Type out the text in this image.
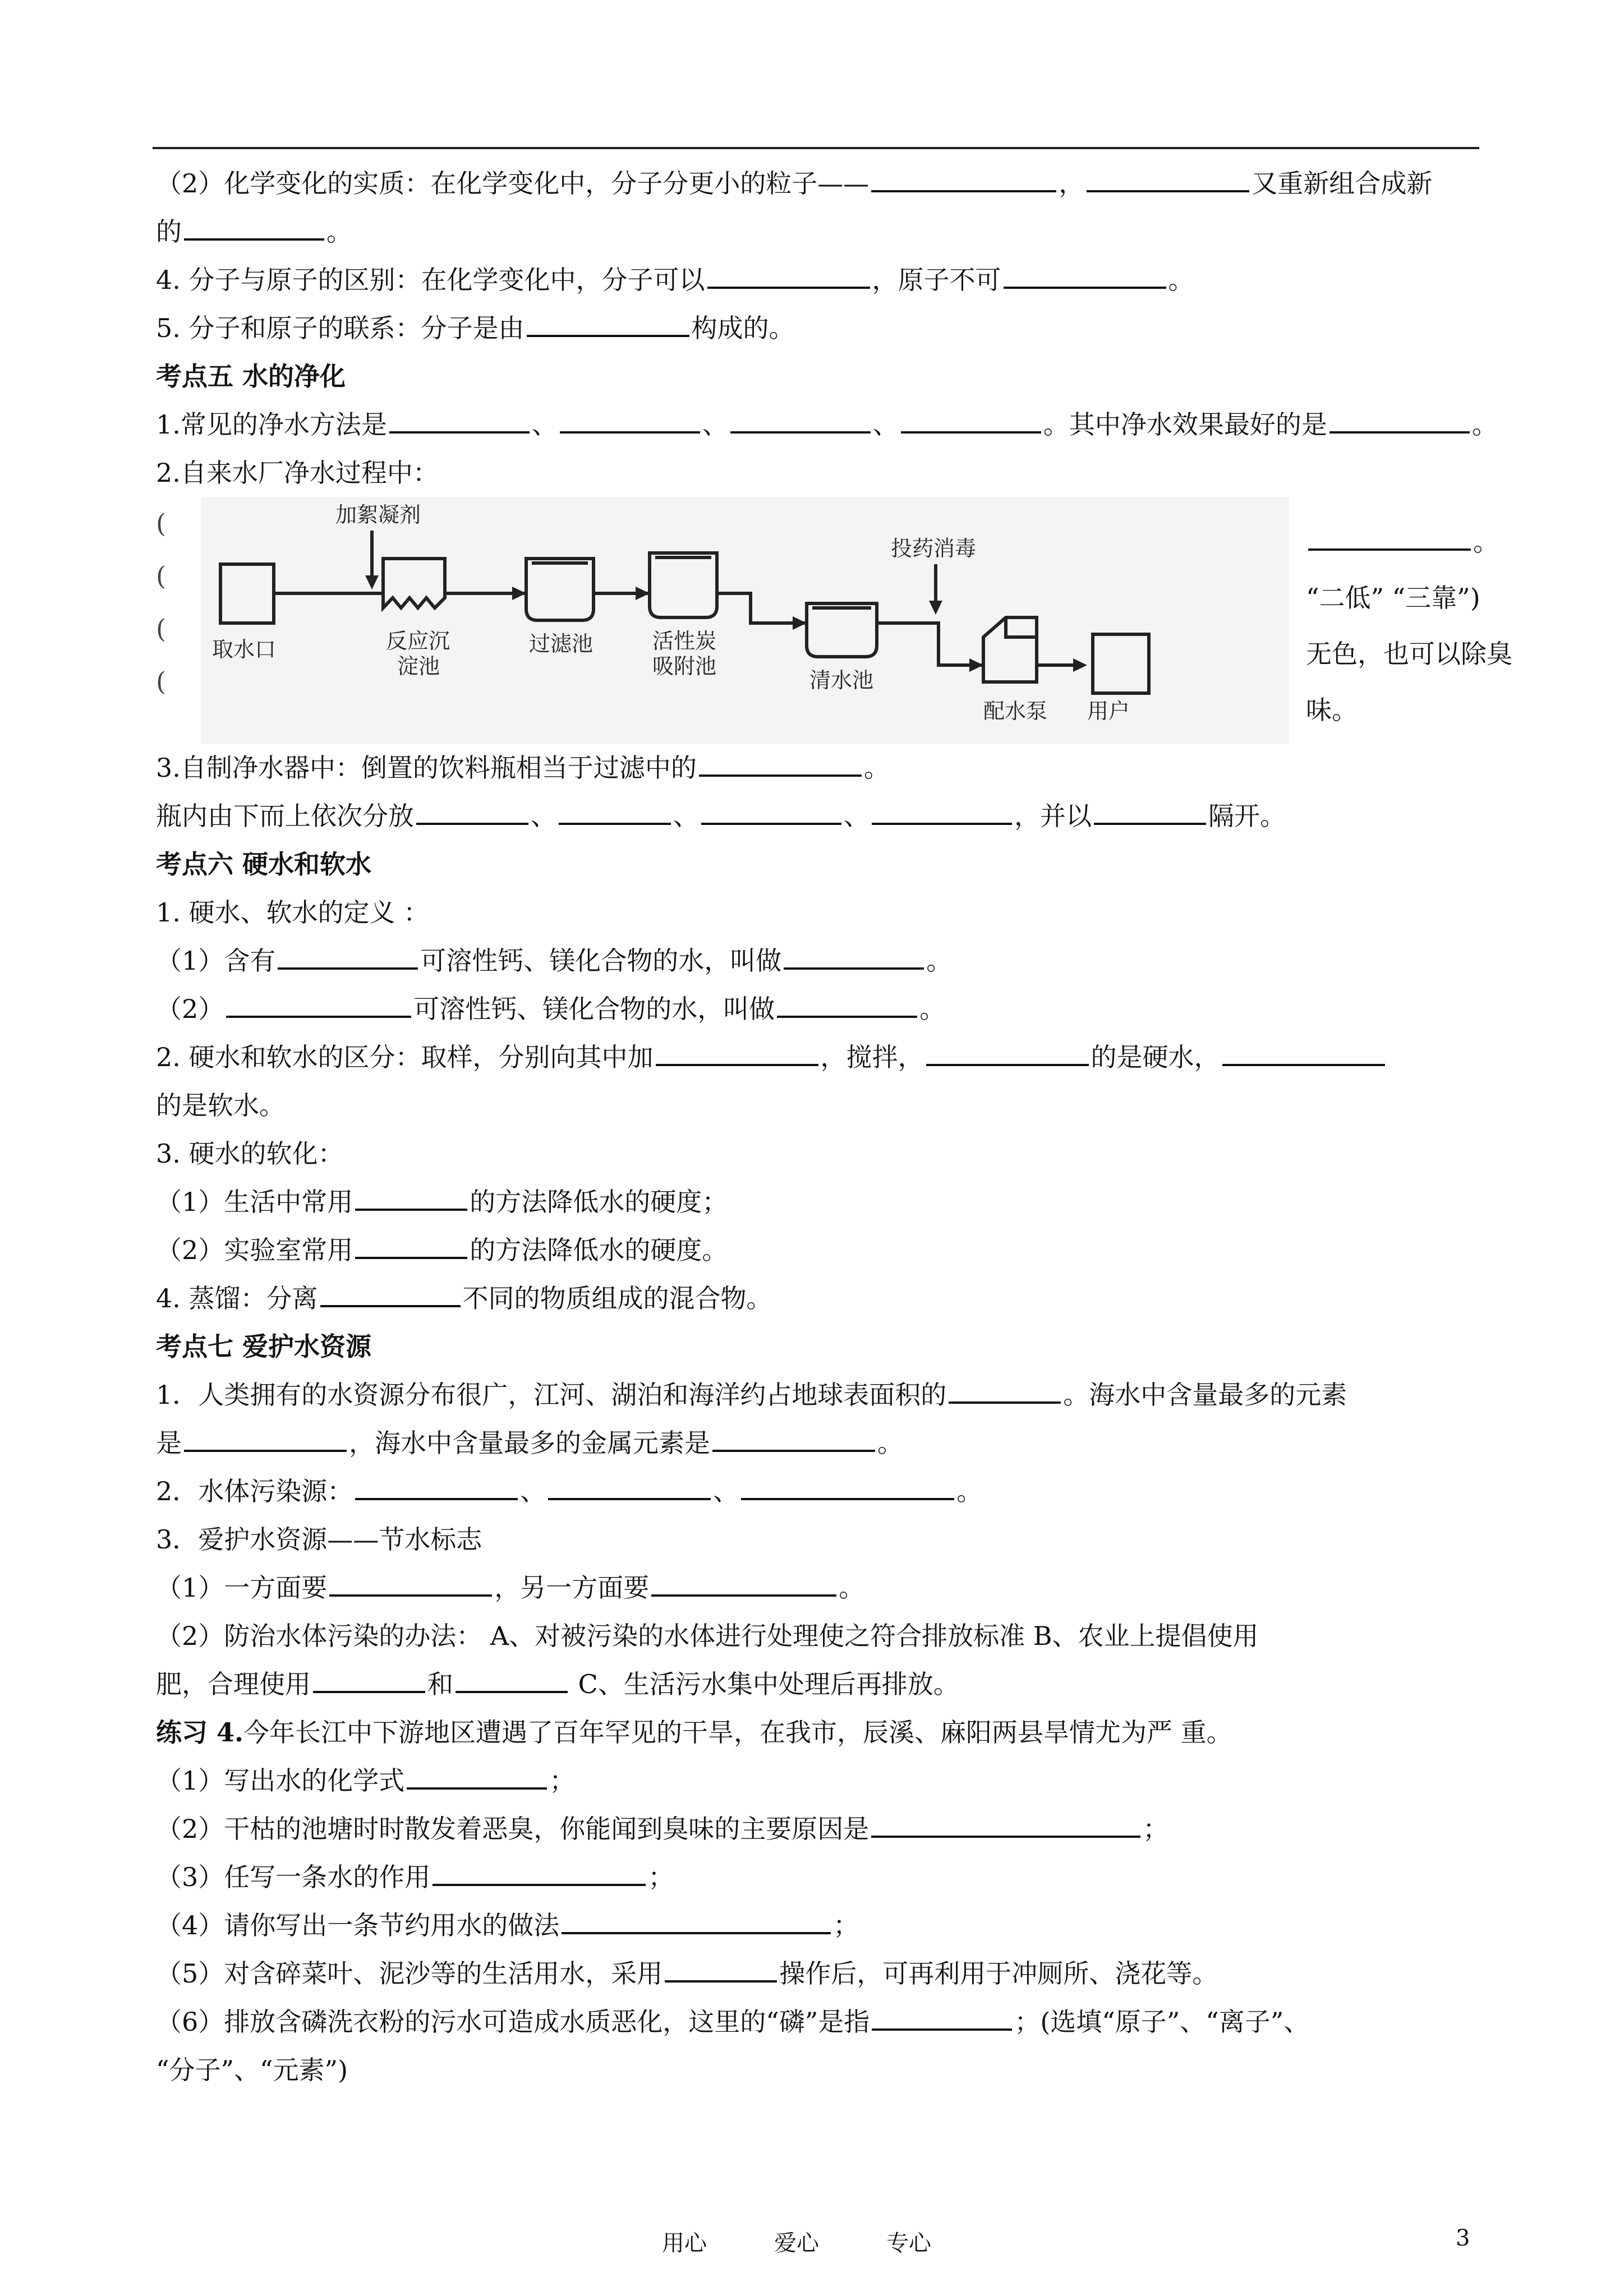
（2）化学变化的实质：在化学变化中，分子分更小的粒子——	，	又重新组合成新
的	。
4. 分子与原子的区别：在化学变化中，分子可以	，原子不可	。
5. 分子和原子的联系：分子是由	构成的。
考点五 水的净化
1.常见的净水方法是	、	、	、	。其中净水效果最好的是	。
2.自来水厂净水过程中：
(
(
(
(
加絮凝剂
投药消毒
取水口	反应沉
淀池
过滤池	活性炭
吸附池
清水池
配水泵 用户
。
“二低” “三靠”)
无色，也可以除臭味。
3.自制净水器中：倒置的饮料瓶相当于过滤中的	。
瓶内由下而上依次分放	、	、	、	，并以	隔开。
考点六 硬水和软水
1. 硬水、软水的定义 ：
（1）含有	可溶性钙、镁化合物的水，叫做	。
（2）	可溶性钙、镁化合物的水，叫做	。
2. 硬水和软水的区分：取样，分别向其中加	，搅拌，	的是硬水，
的是软水。
3. 硬水的软化：
（1）生活中常用	的方法降低水的硬度；
（2）实验室常用	的方法降低水的硬度。
4. 蒸馏：分离	不同的物质组成的混合物。
考点七 爱护水资源
1．人类拥有的水资源分布很广，江河、湖泊和海洋约占地球表面积的	。海水中含量最多的元素
是	，海水中含量最多的金属元素是	。
2．水体污染源：	、	、	。
3．爱护水资源——节水标志
（1）一方面要	，另一方面要	。
（2）防治水体污染的办法： A、对被污染的水体进行处理使之符合排放标准 B、农业上提倡使用
肥，合理使用	和	C、生活污水集中处理后再排放。
练习 4.今年长江中下游地区遭遇了百年罕见的干旱，在我市，辰溪、麻阳两县旱情尤为严 重。
（1）写出水的化学式	；
（2）干枯的池塘时时散发着恶臭，你能闻到臭味的主要原因是	；
（3）任写一条水的作用	；
（4）请你写出一条节约用水的做法	；
（5）对含碎菜叶、泥沙等的生活用水，采用	操作后，可再利用于冲厕所、浇花等。
（6）排放含磷洗衣粉的污水可造成水质恶化，这里的“磷”是指	；(选填“原子”、“离子”、
“分子”、“元素”)
用心	爱心	专心	3
